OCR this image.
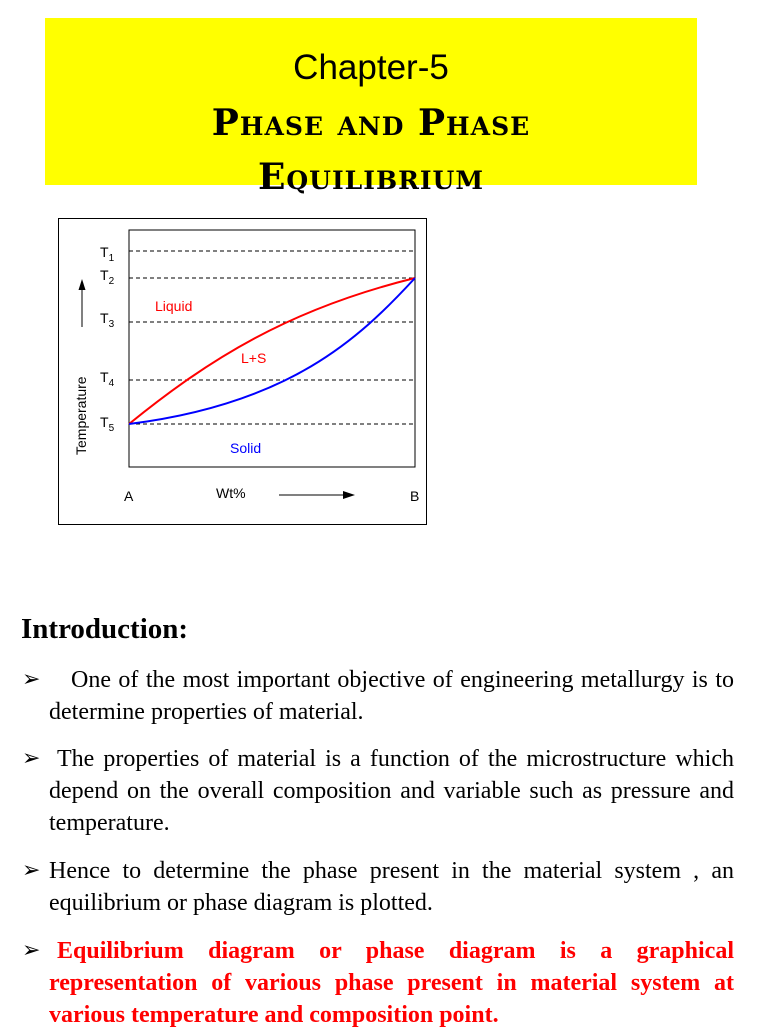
Chapter-5
Phase and Phase
Equilibrium
$T_1$
$T_2$
$T_3$
$T_4$
$T_5$
Liquid
L+S
Solid
Temperature
A	Wt%	B
Introduction:
➢	One of the most important objective of engineering metallurgy is to determine properties of material.
➢ The properties of material is a function of the microstructure which depend on the overall composition and variable such as pressure and temperature.
➢ Hence to determine the phase present in the material system , an equilibrium or phase diagram is plotted.
➢ Equilibrium diagram or phase diagram is a graphical representation of various phase present in material system at various temperature and composition point.
